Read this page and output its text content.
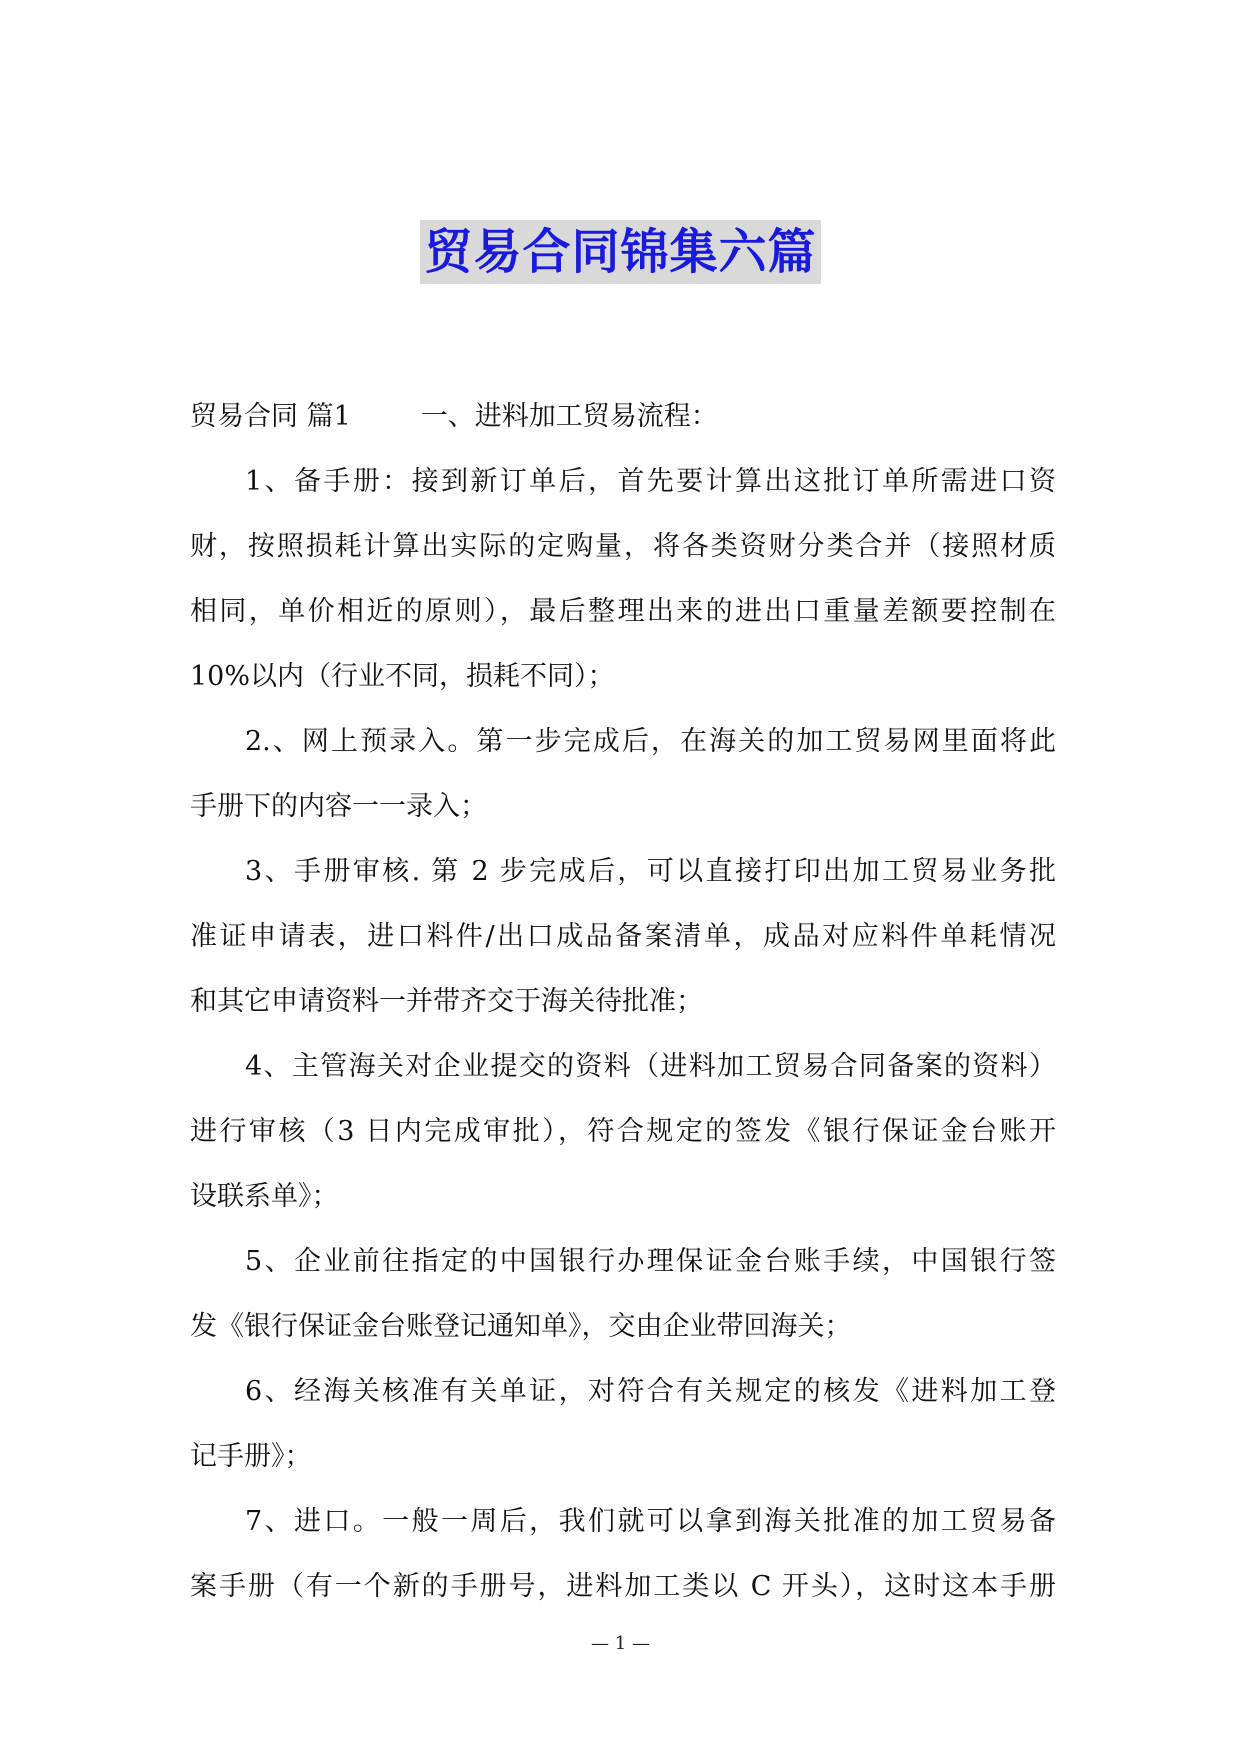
贸易合同锦集六篇
贸易合同 篇1	一、进料加工贸易流程：
1、备手册：接到新订单后，首先要计算出这批订单所需进口资
财，按照损耗计算出实际的定购量，将各类资财分类合并（接照材质
相同，单价相近的原则），最后整理出来的进出口重量差额要控制在
10%以内（行业不同，损耗不同）；
2.、网上预录入。第一步完成后，在海关的加工贸易网里面将此
手册下的内容一一录入；
3、手册审核. 第 2 步完成后，可以直接打印出加工贸易业务批
准证申请表，进口料件/出口成品备案清单，成品对应料件单耗情况
和其它申请资料一并带齐交于海关待批准；
4、主管海关对企业提交的资料（进料加工贸易合同备案的资料）
进行审核（3 日内完成审批），符合规定的签发《银行保证金台账开
设联系单》；
5、企业前往指定的中国银行办理保证金台账手续，中国银行签
发《银行保证金台账登记通知单》，交由企业带回海关；
6、经海关核准有关单证，对符合有关规定的核发《进料加工登
记手册》；
7、进口。一般一周后，我们就可以拿到海关批准的加工贸易备
案手册（有一个新的手册号，进料加工类以 C 开头），这时这本手册
— 1 —
